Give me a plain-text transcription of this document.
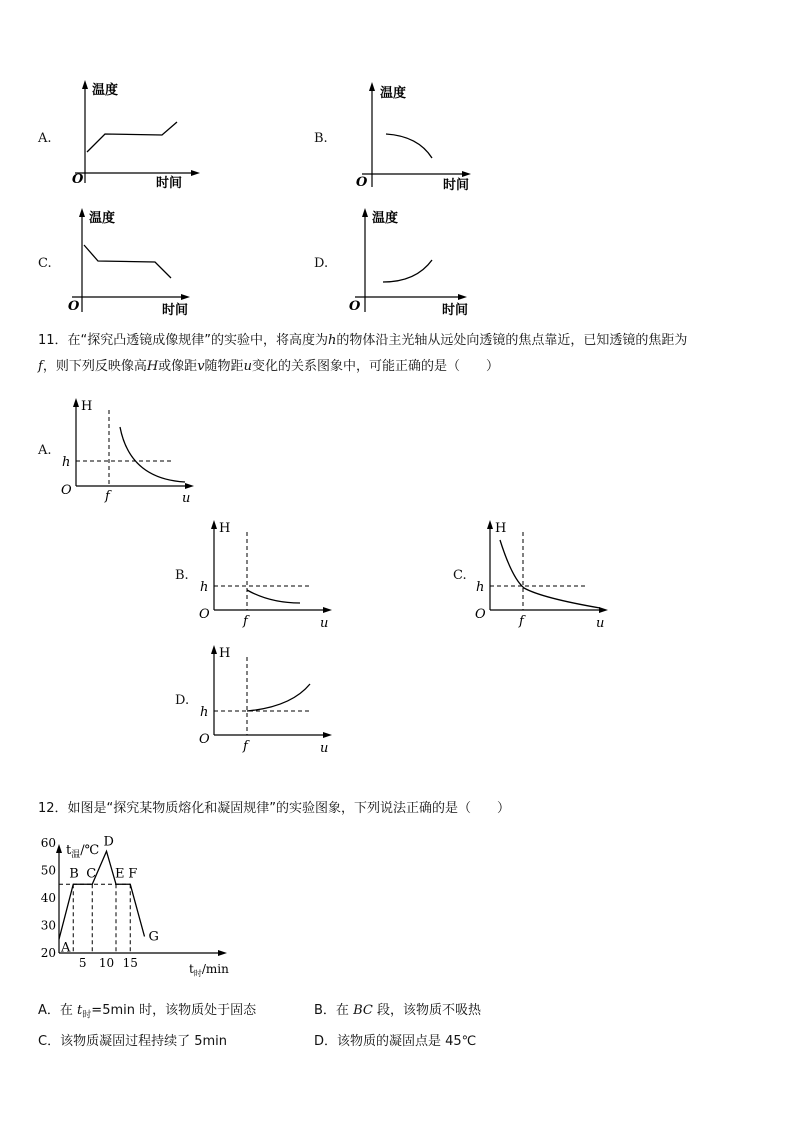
A.
温度
时间
O
B.
温度
时间
O
C.
温度
时间
O
D.
温度
时间
O
11．在“探究凸透镜成像规律”的实验中，将高度为h的物体沿主光轴从远处向透镜的焦点靠近，已知透镜的焦距为
f，则下列反映像高H或像距v随物距u变化的关系图象中，可能正确的是（　　）
A.
H
h
f	u
O
B.
H
h
f	u
O
C.
H
h
f	u
O
D.
H
h
f	u
O
12．如图是“探究某物质熔化和凝固规律”的实验图象，下列说法正确的是（　　）
$t_温/℃$
$t_时/\min$
20
30
40
50
60
5 10 15
A
B C
D
E F
G
A．在 $t_时=5\min$ 时，该物质处于固态	B．在 BC 段，该物质不吸热
C．该物质凝固过程持续了 5min	D．该物质的凝固点是 45℃
